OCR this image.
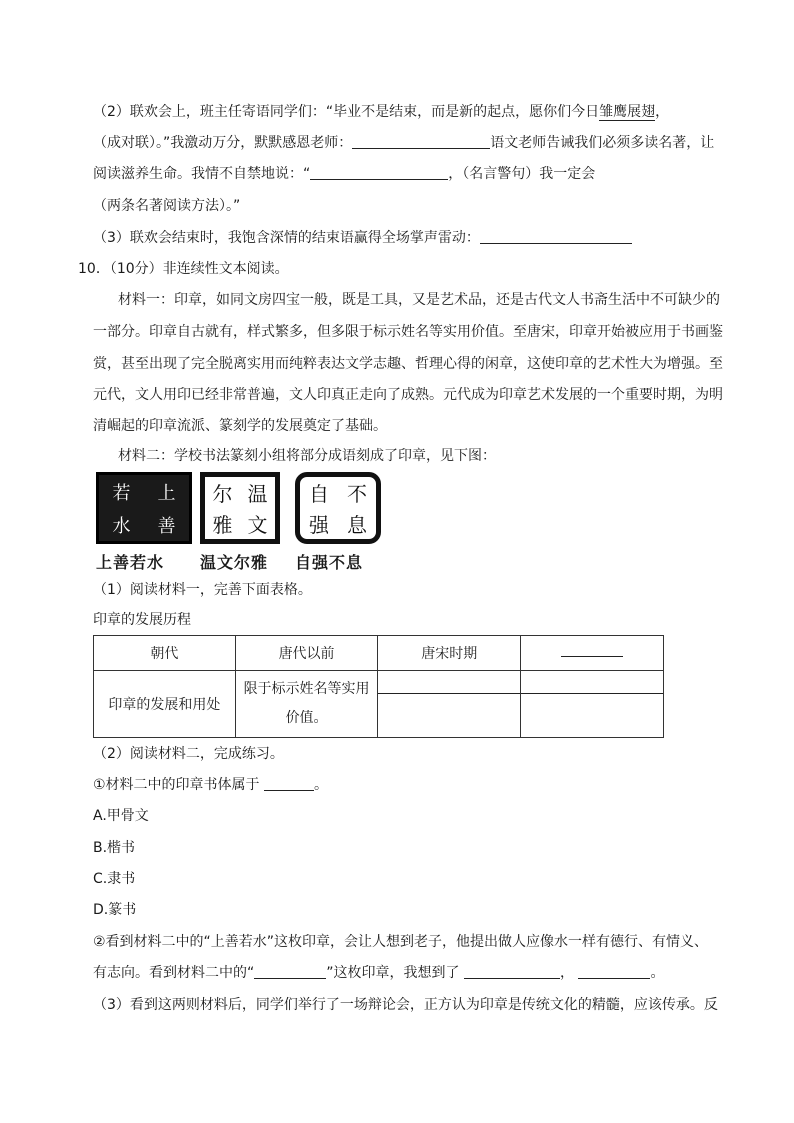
（2）联欢会上，班主任寄语同学们：“毕业不是结束，而是新的起点，愿你们今日雏鹰展翅，
（成对联）。”我激动万分，默默感恩老师：	语文老师告诫我们必须多读名著，让
阅读滋养生命。我情不自禁地说：“	，（名言警句）我一定会
（两条名著阅读方法）。”
（3）联欢会结束时，我饱含深情的结束语赢得全场掌声雷动：
10．（10分）非连续性文本阅读。
材料一：印章，如同文房四宝一般，既是工具，又是艺术品，还是古代文人书斋生活中不可缺少的
一部分。印章自古就有，样式繁多，但多限于标示姓名等实用价值。至唐宋，印章开始被应用于书画鉴
赏，甚至出现了完全脱离实用而纯粹表达文学志趣、哲理心得的闲章，这使印章的艺术性大为增强。至
元代，文人用印已经非常普遍，文人印真正走向了成熟。元代成为印章艺术发展的一个重要时期，为明
清崛起的印章流派、篆刻学的发展奠定了基础。
材料二：学校书法篆刻小组将部分成语刻成了印章，见下图：
若	上
水	善
尔 温
雅 文
自 不
强 息
上善若水 温文尔雅 自强不息
（1）阅读材料一，完善下面表格。
印章的发展历程
朝代	唐代以前	唐宋时期	
印章的发展和用处	限于标示姓名等实用
价值。		

（2）阅读材料二，完成练习。
①材料二中的印章书体属于	。
A.甲骨文
B.楷书
C.隶书
D.篆书
②看到材料二中的“上善若水”这枚印章，会让人想到老子，他提出做人应像水一样有德行、有情义、
有志向。看到材料二中的“	”这枚印章，我想到了	，	。
（3）看到这两则材料后，同学们举行了一场辩论会，正方认为印章是传统文化的精髓，应该传承。反
